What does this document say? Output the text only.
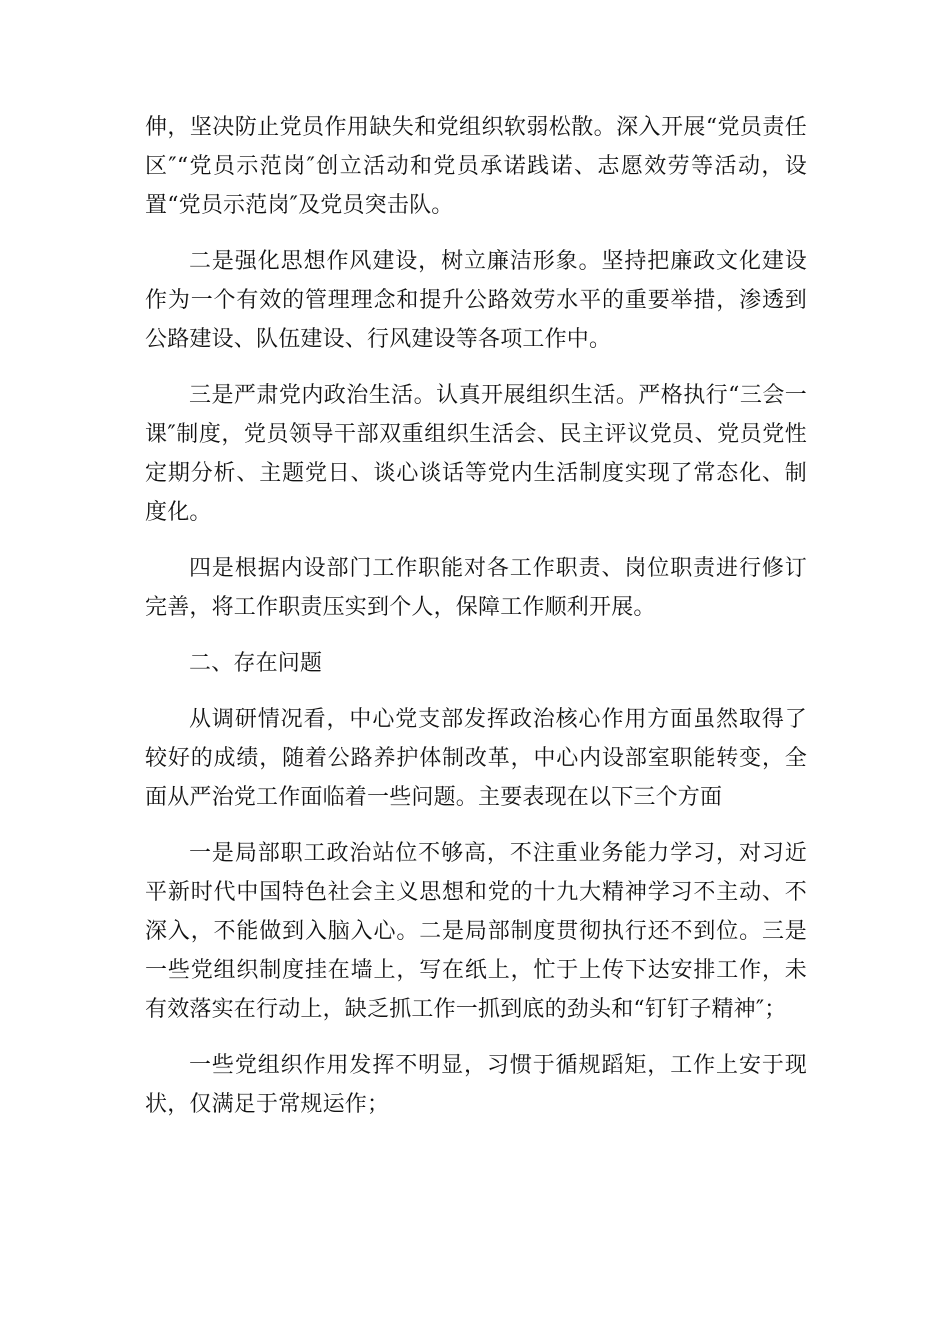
伸，坚决防止党员作用缺失和党组织软弱松散。深入开展“党员责任区″“党员示范岗″创立活动和党员承诺践诺、志愿效劳等活动，设置“党员示范岗″及党员突击队。

二是强化思想作风建设，树立廉洁形象。坚持把廉政文化建设作为一个有效的管理理念和提升公路效劳水平的重要举措，渗透到公路建设、队伍建设、行风建设等各项工作中。

三是严肃党内政治生活。认真开展组织生活。严格执行“三会一课″制度，党员领导干部双重组织生活会、民主评议党员、党员党性定期分析、主题党日、谈心谈话等党内生活制度实现了常态化、制度化。

四是根据内设部门工作职能对各工作职责、岗位职责进行修订完善，将工作职责压实到个人，保障工作顺利开展。

二、存在问题

从调研情况看，中心党支部发挥政治核心作用方面虽然取得了较好的成绩，随着公路养护体制改革，中心内设部室职能转变，全面从严治党工作面临着一些问题。主要表现在以下三个方面

一是局部职工政治站位不够高，不注重业务能力学习，对习近平新时代中国特色社会主义思想和党的十九大精神学习不主动、不深入，不能做到入脑入心。二是局部制度贯彻执行还不到位。三是一些党组织制度挂在墙上，写在纸上，忙于上传下达安排工作，未有效落实在行动上，缺乏抓工作一抓到底的劲头和“钉钉子精神″；

一些党组织作用发挥不明显，习惯于循规蹈矩，工作上安于现状，仅满足于常规运作；
